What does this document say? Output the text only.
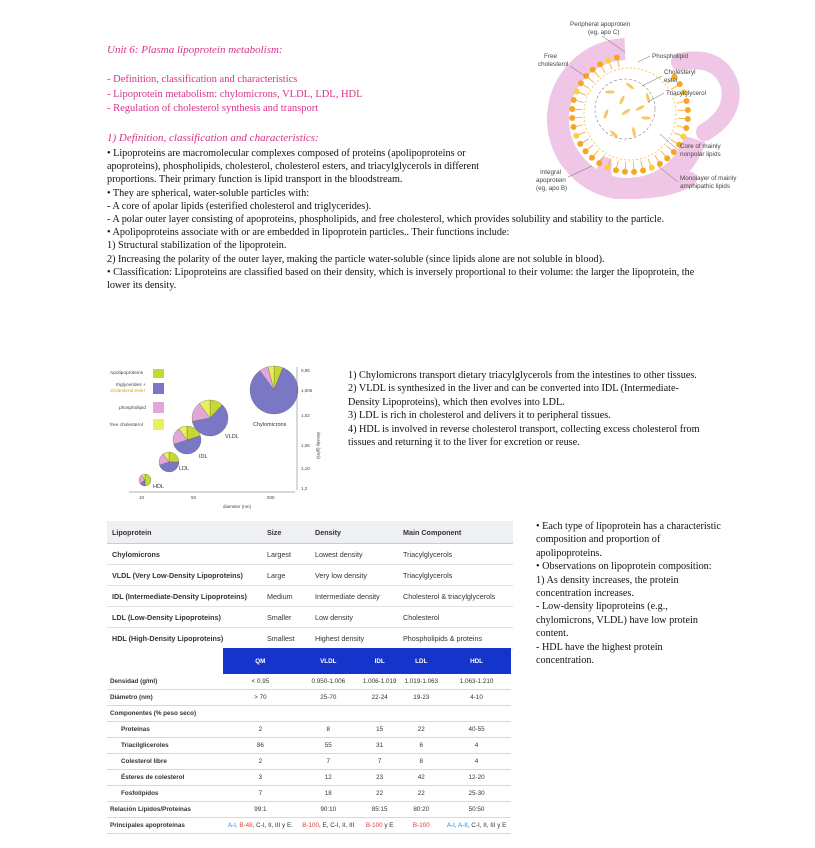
Unit 6: Plasma lipoprotein metabolism:
- Definition, classification and characteristics
- Lipoprotein metabolism: chylomicrons, VLDL, LDL, HDL
- Regulation of cholesterol synthesis and transport
1) Definition, classification and characteristics:

• Lipoproteins are macromolecular complexes composed of proteins (apolipoproteins or apoproteins), phospholipids, cholesterol, cholesterol esters, and triacylglycerols in different proportions. Their primary function is lipid transport in the bloodstream.

• They are spherical, water-soluble particles with:

- A core of apolar lipids (esterified cholesterol and triglycerides).

- A polar outer layer consisting of apoproteins, phospholipids, and free cholesterol, which provides solubility and stability to the particle.

• Apolipoproteins associate with or are embedded in lipoprotein particles.. Their functions include:

1) Structural stabilization of the lipoprotein.

2) Increasing the polarity of the outer layer, making the particle water-soluble (since lipids alone are not soluble in blood).

• Classification: Lipoproteins are classified based on their density, which is inversely proportional to their volume: the larger the lipoprotein, the lower its density.

Peripheral apoprotein
(eg, apo C)
Free
cholesterol
Phospholipid
Cholesteryl
ester
Triacylglycerol
Core of mainly
nonpolar lipids
Integral
apoprotein
(eg, apo B)
Monolayer of mainly
amphipathic lipids
Apolipoproteins
triglycerides +
cholesterol ester
phospholipid
free cholesterol
HDL
LDL
IDL
VLDL
Chylomicrons
10	50	500
diameter (nm)
0,95
1,006
1,02
1,06
1,10
1,2
density (g/ml)

1) Chylomicrons transport dietary triacylglycerols from the intestines to other tissues.

2) VLDL is synthesized in the liver and can be converted into IDL (Intermediate-Density Lipoproteins), which then evolves into LDL.

3) LDL is rich in cholesterol and delivers it to peripheral tissues.

4) HDL is involved in reverse cholesterol transport, collecting excess cholesterol from tissues and returning it to the liver for excretion or reuse.

Lipoprotein	Size	Density	Main Component
Chylomicrons	Largest	Lowest density	Triacylglycerols
VLDL (Very Low-Density Lipoproteins)	Large	Very low density	Triacylglycerols
IDL (Intermediate-Density Lipoproteins)	Medium	Intermediate density	Cholesterol & triacylglycerols
LDL (Low-Density Lipoproteins)	Smaller	Low density	Cholesterol
HDL (High-Density Lipoproteins)	Smallest	Highest density	Phospholipids & proteins

• Each type of lipoprotein has a characteristic composition and proportion of apolipoproteins.

• Observations on lipoprotein composition:

1) As density increases, the protein concentration increases.

- Low-density lipoproteins (e.g., chylomicrons, VLDL) have low protein content.

- HDL have the highest protein concentration.

	QM	VLDL	IDL	LDL	HDL
Densidad (g/ml)	< 0.95	0.950-1.006	1.006-1.019	1.019-1.063	1.063-1.210
Diámetro (nm)	> 70	25-70	22-24	19-23	4-10
Componentes (% peso seco)					
Proteínas	2	8	15	22	40-55
Triacilgliceroles	86	55	31	6	4
Colesterol libre	2	7	7	8	4
Ésteres de colesterol	3	12	23	42	12-20
Fosfolípidos	7	18	22	22	25-30
Relación Lípidos/Proteínas	99:1	90:10	85:15	80:20	50:50
Principales apoproteínas	A-I, B-48, C-I, II, III y E.	B-100, E, C-I, II, III	B-100 y E	B-100	A-I, A-II, C-I, II, III y E
